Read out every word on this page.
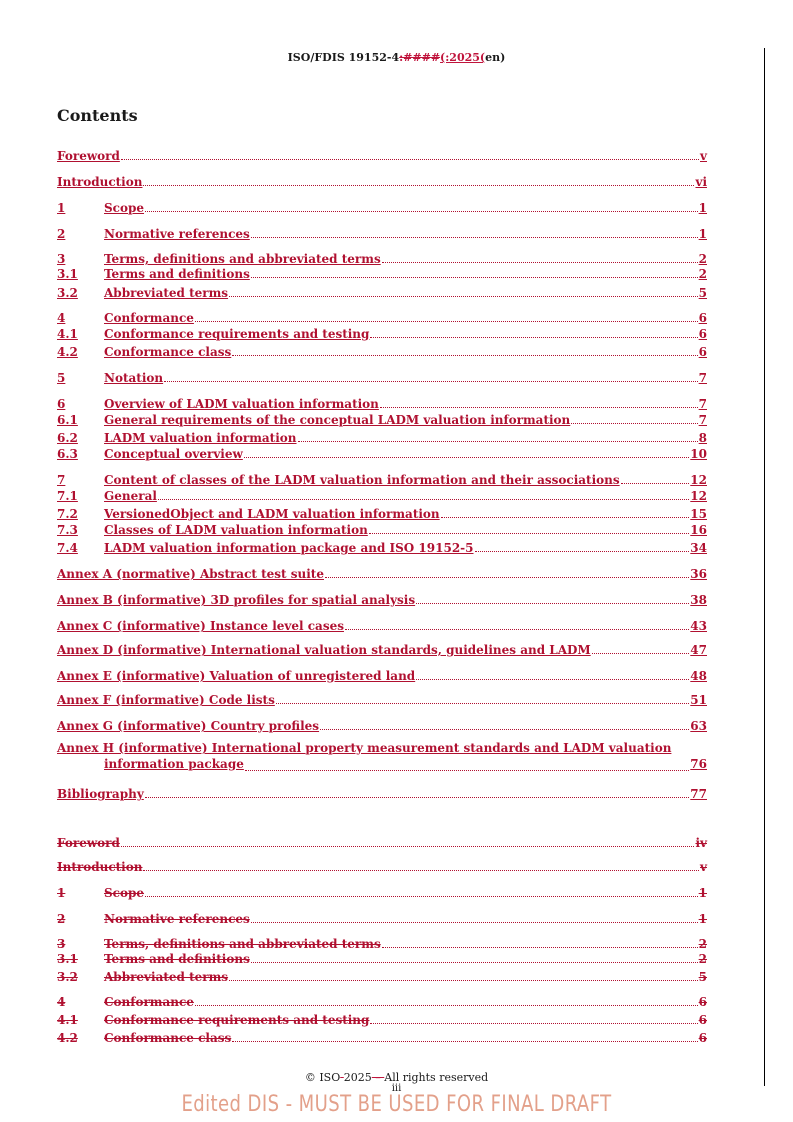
ISO/FDIS 19152-4:####(:2025(en)
Contents
Foreword	v
Introduction	vi
1	Scope	1
2	Normative references	1
3	Terms, definitions and abbreviated terms	2
3.1	Terms and definitions	2
3.2	Abbreviated terms	5
4	Conformance	6
4.1	Conformance requirements and testing	6
4.2	Conformance class	6
5	Notation	7
6	Overview of LADM valuation information	7
6.1	General requirements of the conceptual LADM valuation information	7
6.2	LADM valuation information	8
6.3	Conceptual overview	10
7	Content of classes of the LADM valuation information and their associations	12
7.1	General	12
7.2	VersionedObject and LADM valuation information	15
7.3	Classes of LADM valuation information	16
7.4	LADM valuation information package and ISO 19152-5	34
Annex A (normative) Abstract test suite	36
Annex B (informative) 3D profiles for spatial analysis	38
Annex C (informative) Instance level cases	43
Annex D (informative) International valuation standards, guidelines and LADM	47
Annex E (informative) Valuation of unregistered land	48
Annex F (informative) Code lists	51
Annex G (informative) Country profiles	63
Annex H (informative) International property measurement standards and LADM valuation
information package	76
Bibliography	77
Foreword	iv
Introduction	v
1	Scope	1
2	Normative references	1
3	Terms, definitions and abbreviated terms	2
3.1	Terms and definitions	2
3.2	Abbreviated terms	5
4	Conformance	6
4.1	Conformance requirements and testing	6
4.2	Conformance class	6
© ISO 2025 – All rights reserved
iii
Edited DIS - MUST BE USED FOR FINAL DRAFT
